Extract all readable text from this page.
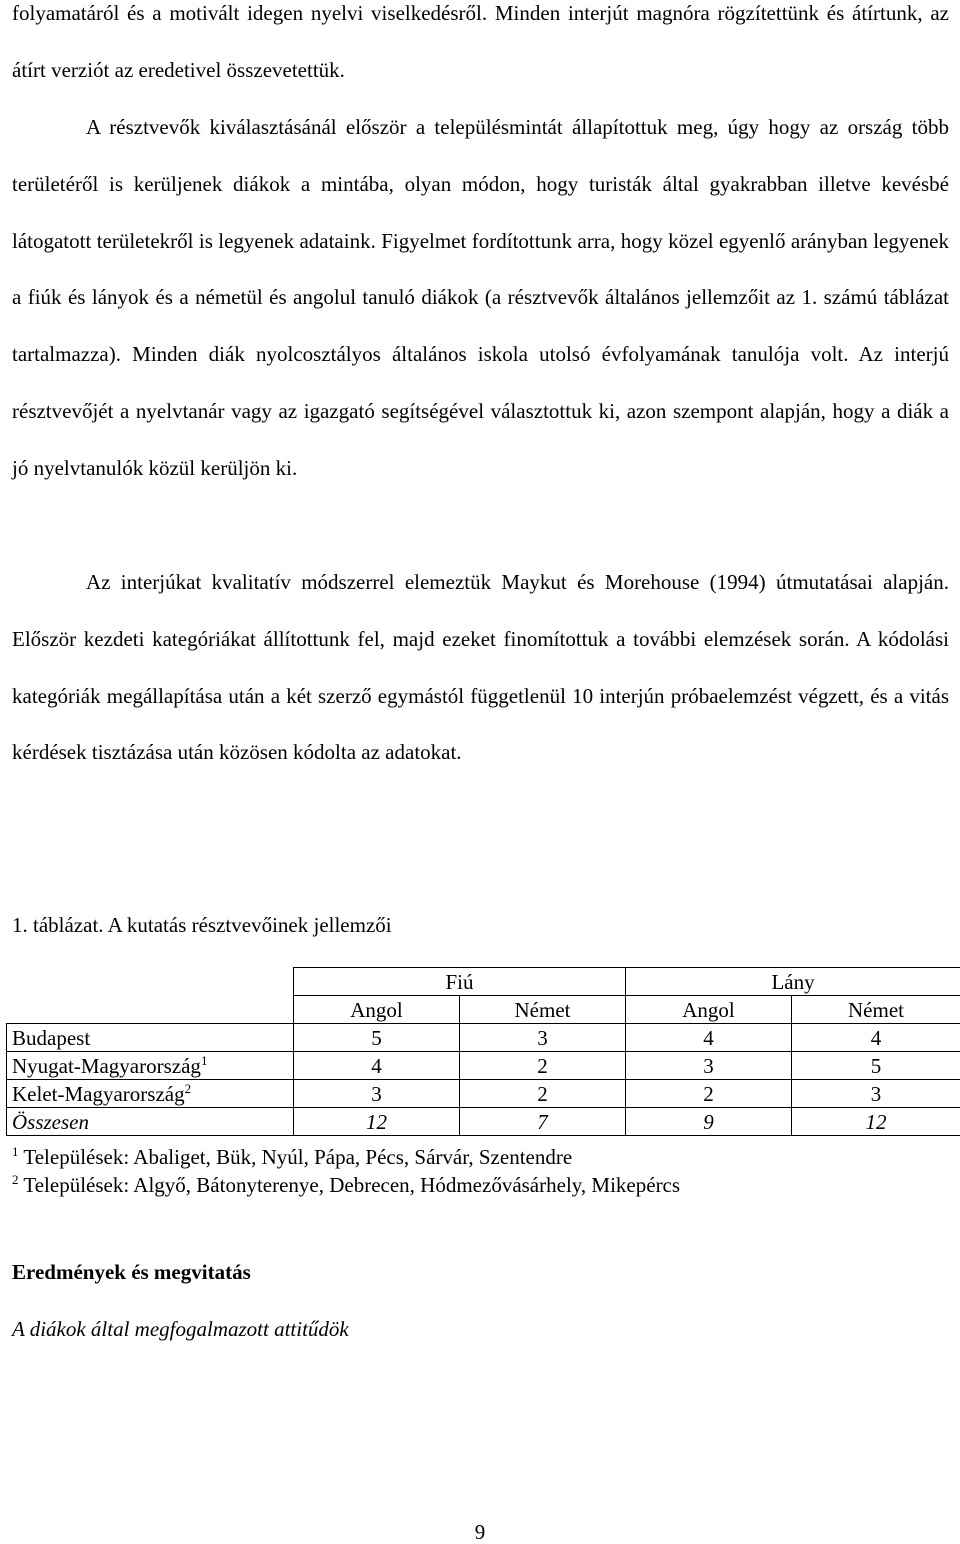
folyamatáról és a motivált idegen nyelvi viselkedésről. Minden interjút magnóra rögzítettünk és átírtunk, az átírt verziót az eredetivel összevetettük.

A résztvevők kiválasztásánál először a településmintát állapítottuk meg, úgy hogy az ország több területéről is kerüljenek diákok a mintába, olyan módon, hogy turisták által gyakrabban illetve kevésbé látogatott területekről is legyenek adataink. Figyelmet fordítottunk arra, hogy közel egyenlő arányban legyenek a fiúk és lányok és a németül és angolul tanuló diákok (a résztvevők általános jellemzőit az 1. számú táblázat tartalmazza). Minden diák nyolcosztályos általános iskola utolsó évfolyamának tanulója volt. Az interjú résztvevőjét a nyelvtanár vagy az igazgató segítségével választottuk ki, azon szempont alapján, hogy a diák a jó nyelvtanulók közül kerüljön ki.

Az interjúkat kvalitatív módszerrel elemeztük Maykut és Morehouse (1994) útmutatásai alapján. Először kezdeti kategóriákat állítottunk fel, majd ezeket finomítottuk a további elemzések során. A kódolási kategóriák megállapítása után a két szerző egymástól függetlenül 10 interjún próbaelemzést végzett, és a vitás kérdések tisztázása után közösen kódolta az adatokat.

1. táblázat. A kutatás résztvevőinek jellemzői

	Fiú		Lány	
	Angol	Német	Angol	Német
Budapest	5	3	4	4
Nyugat-Magyarország$^1$	4	2	3	5
Kelet-Magyarország$^2$	3	2	2	3
Összesen	12	7	9	12

$^1$ Települések: Abaliget, Bük, Nyúl, Pápa, Pécs, Sárvár, Szentendre

$^2$ Települések: Algyő, Bátonyterenye, Debrecen, Hódmezővásárhely, Mikepércs

Eredmények és megvitatás

A diákok által megfogalmazott attitűdök

9
